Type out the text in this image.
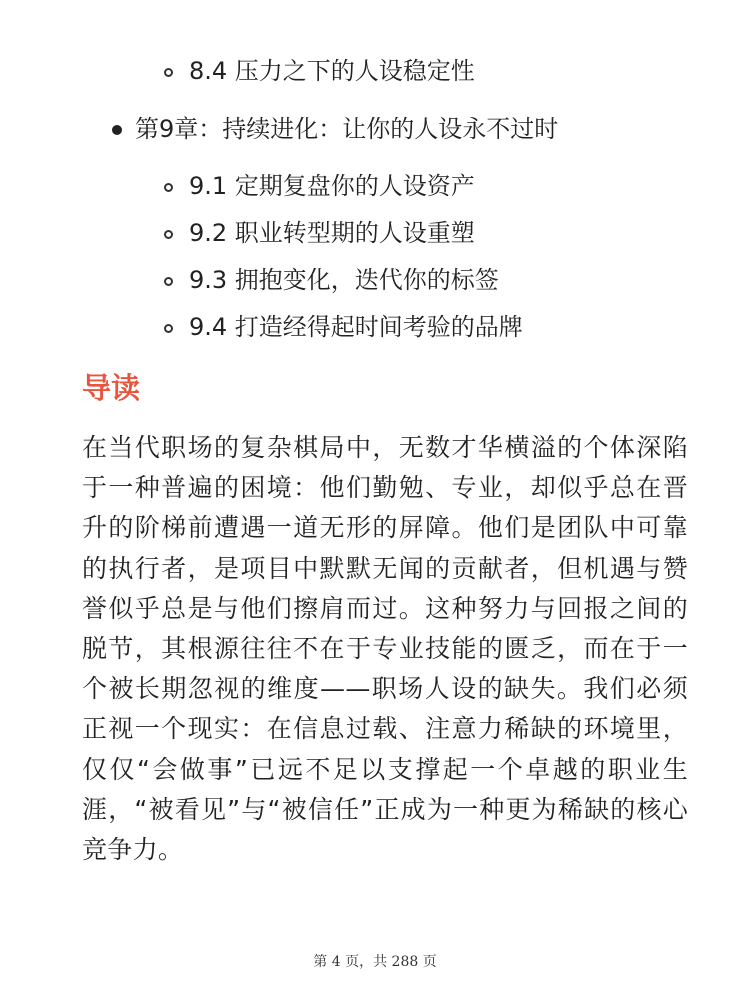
8.4 压力之下的人设稳定性
第9章：持续进化：让你的人设永不过时
9.1 定期复盘你的人设资产
9.2 职业转型期的人设重塑
9.3 拥抱变化，迭代你的标签
9.4 打造经得起时间考验的品牌
导读

在当代职场的复杂棋局中，无数才华横溢的个体深陷于一种普遍的困境：他们勤勉、专业，却似乎总在晋升的阶梯前遭遇一道无形的屏障。他们是团队中可靠的执行者，是项目中默默无闻的贡献者，但机遇与赞誉似乎总是与他们擦肩而过。这种努力与回报之间的脱节，其根源往往不在于专业技能的匮乏，而在于一个被长期忽视的维度——职场人设的缺失。我们必须正视一个现实：在信息过载、注意力稀缺的环境里，仅仅“会做事”已远不足以支撑起一个卓越的职业生涯，“被看见”与“被信任”正成为一种更为稀缺的核心竞争力。

第 4 页，共 288 页
